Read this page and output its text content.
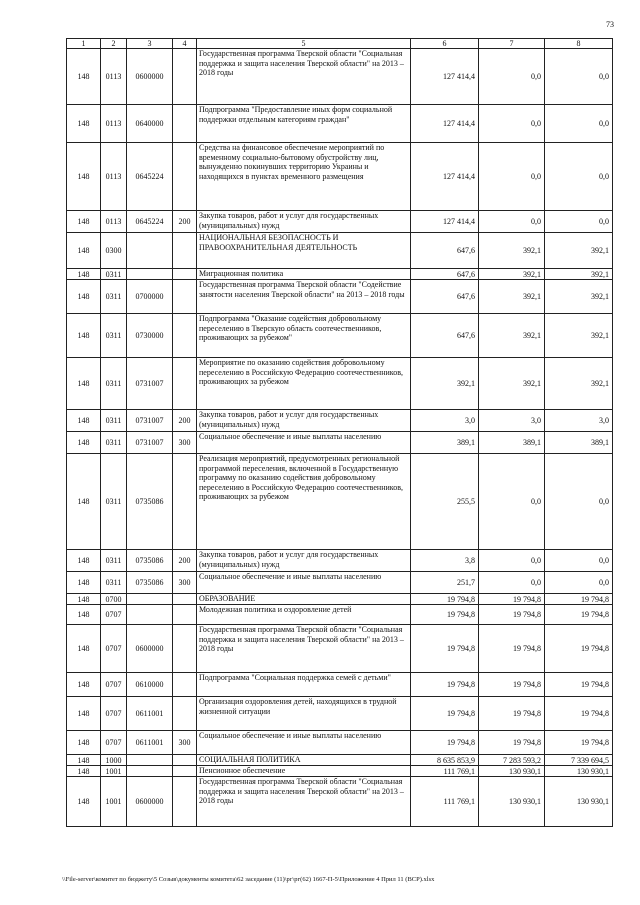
73
1	2	3	4	5	6	7	8
148	0113	0600000		Государственная программа Тверской области "Социальная поддержка и защита населения Тверской области" на 2013 – 2018 годы	127 414,4	0,0	0,0
148	0113	0640000		Подпрограмма "Предоставление иных форм социальной поддержки отдельным категориям граждан"	127 414,4	0,0	0,0
148	0113	0645224		Средства на финансовое обеспечение мероприятий по временному социально-бытовому обустройству лиц, вынужденно покинувших территорию Украины и находящихся в пунктах временного размещения	127 414,4	0,0	0,0
148	0113	0645224	200	Закупка товаров, работ и услуг для государственных (муниципальных) нужд	127 414,4	0,0	0,0
148	0300			НАЦИОНАЛЬНАЯ БЕЗОПАСНОСТЬ И ПРАВООХРАНИТЕЛЬНАЯ ДЕЯТЕЛЬНОСТЬ	647,6	392,1	392,1
148	0311			Миграционная политика	647,6	392,1	392,1
148	0311	0700000		Государственная программа Тверской области "Содействие занятости населения Тверской области" на 2013 – 2018 годы	647,6	392,1	392,1
148	0311	0730000		Подпрограмма "Оказание содействия добровольному переселению в Тверскую область соотечественников, проживающих за рубежом"	647,6	392,1	392,1
148	0311	0731007		Мероприятие по оказанию содействия добровольному переселению в Российскую Федерацию соотечественников, проживающих за рубежом	392,1	392,1	392,1
148	0311	0731007	200	Закупка товаров, работ и услуг для государственных (муниципальных) нужд	3,0	3,0	3,0
148	0311	0731007	300	Социальное обеспечение и иные выплаты населению	389,1	389,1	389,1
148	0311	0735086		Реализация мероприятий, предусмотренных региональной программой переселения, включенной в Государственную программу по оказанию содействия добровольному переселению в Российскую Федерацию соотечественников, проживающих за рубежом	255,5	0,0	0,0
148	0311	0735086	200	Закупка товаров, работ и услуг для государственных (муниципальных) нужд	3,8	0,0	0,0
148	0311	0735086	300	Социальное обеспечение и иные выплаты населению	251,7	0,0	0,0
148	0700			ОБРАЗОВАНИЕ	19 794,8	19 794,8	19 794,8
148	0707			Молодежная политика и оздоровление детей	19 794,8	19 794,8	19 794,8
148	0707	0600000		Государственная программа Тверской области "Социальная поддержка и защита населения Тверской области" на 2013 – 2018 годы	19 794,8	19 794,8	19 794,8
148	0707	0610000		Подпрограмма "Социальная поддержка семей с детьми"	19 794,8	19 794,8	19 794,8
148	0707	0611001		Организация оздоровления детей, находящихся в трудной жизненной ситуации	19 794,8	19 794,8	19 794,8
148	0707	0611001	300	Социальное обеспечение и иные выплаты населению	19 794,8	19 794,8	19 794,8
148	1000			СОЦИАЛЬНАЯ ПОЛИТИКА	8 635 853,9	7 283 593,2	7 339 694,5
148	1001			Пенсионное обеспечение	111 769,1	130 930,1	130 930,1
148	1001	0600000		Государственная программа Тверской области "Социальная поддержка и защита населения Тверской области" на 2013 – 2018 годы	111 769,1	130 930,1	130 930,1
\\File-server\комитет по бюджету\5 Созыв\документы комитета\62 заседание (11)\рг\рг(62) 1667-П-5\Приложение 4 Прил 11 (ВСР).xlsx
